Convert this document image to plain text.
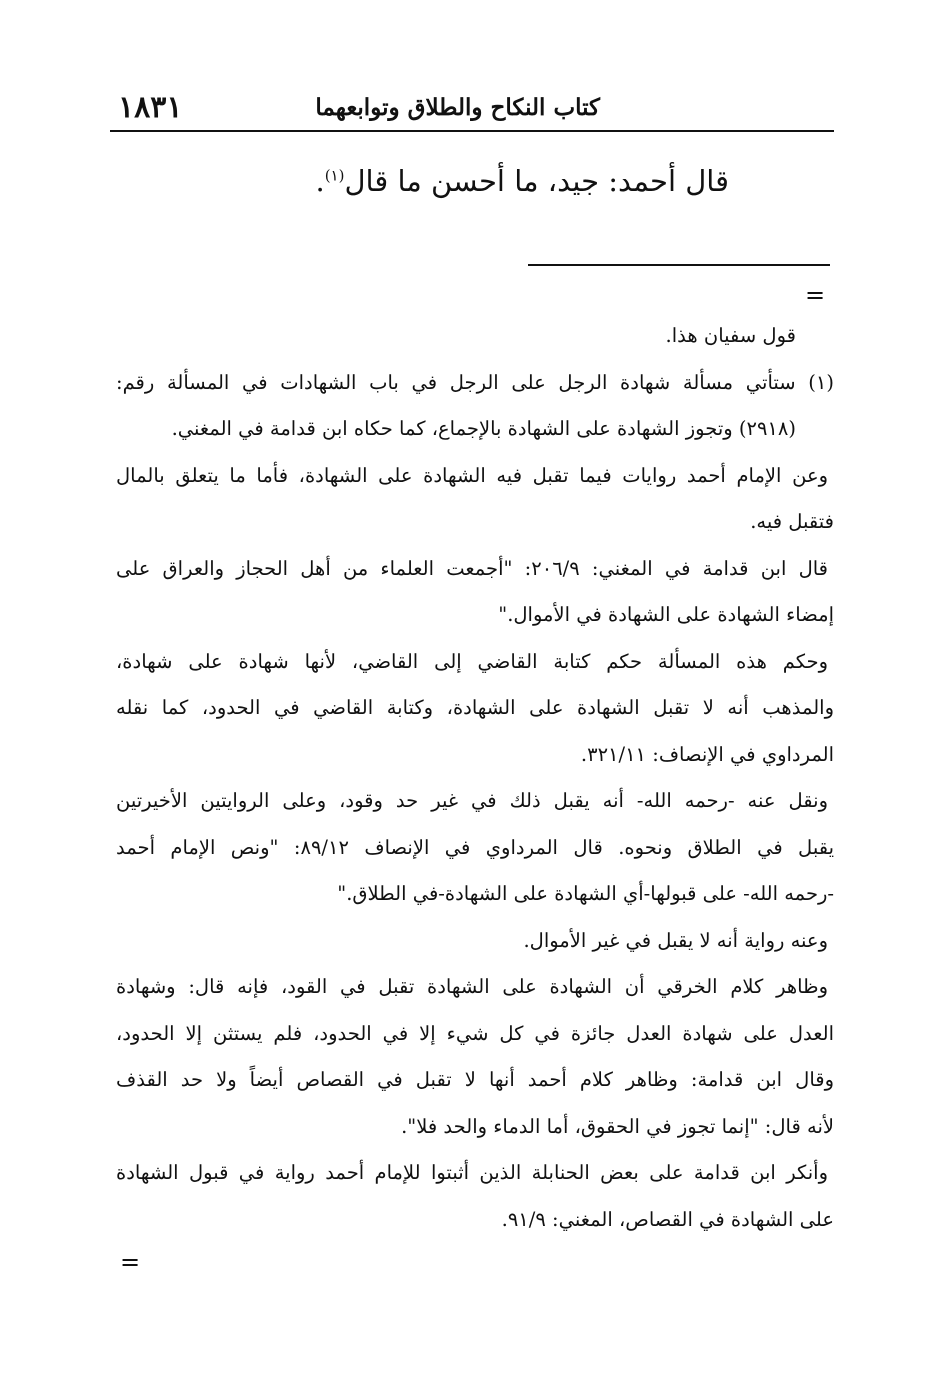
١٨٣١	كتاب النكاح والطلاق وتوابعهما
قال أحمد: جيد، ما أحسن ما قال$^{(١)}$.
=
قول سفيان هذا.
(١) ستأتي مسألة شهادة الرجل على الرجل في باب الشهادات في المسألة رقم:
(٢٩١٨) وتجوز الشهادة على الشهادة بالإجماع، كما حكاه ابن قدامة في المغني.
وعن الإمام أحمد روايات فيما تقبل فيه الشهادة على الشهادة، فأما ما يتعلق بالمال
فتقبل فيه.
قال ابن قدامة في المغني: ٢٠٦/٩: "أجمعت العلماء من أهل الحجاز والعراق على
إمضاء الشهادة على الشهادة في الأموال."
وحكم هذه المسألة حكم كتابة القاضي إلى القاضي، لأنها شهادة على شهادة،
والمذهب أنه لا تقبل الشهادة على الشهادة، وكتابة القاضي في الحدود، كما نقله
المرداوي في الإنصاف: ٣٢١/١١.
ونقل عنه -رحمه الله- أنه يقبل ذلك في غير حد وقود، وعلى الروايتين الأخيرتين
يقبل في الطلاق ونحوه. قال المرداوي في الإنصاف ٨٩/١٢: "ونص الإمام أحمد
-رحمه الله- على قبولها-أي الشهادة على الشهادة-في الطلاق."
وعنه رواية أنه لا يقبل في غير الأموال.
وظاهر كلام الخرقي أن الشهادة على الشهادة تقبل في القود، فإنه قال: وشهادة
العدل على شهادة العدل جائزة في كل شيء إلا في الحدود، فلم يستثن إلا الحدود،
وقال ابن قدامة: وظاهر كلام أحمد أنها لا تقبل في القصاص أيضاً ولا حد القذف
لأنه قال: "إنما تجوز في الحقوق، أما الدماء والحد فلا".
وأنكر ابن قدامة على بعض الحنابلة الذين أثبتوا للإمام أحمد رواية في قبول الشهادة
على الشهادة في القصاص، المغني: ٩١/٩.
=
